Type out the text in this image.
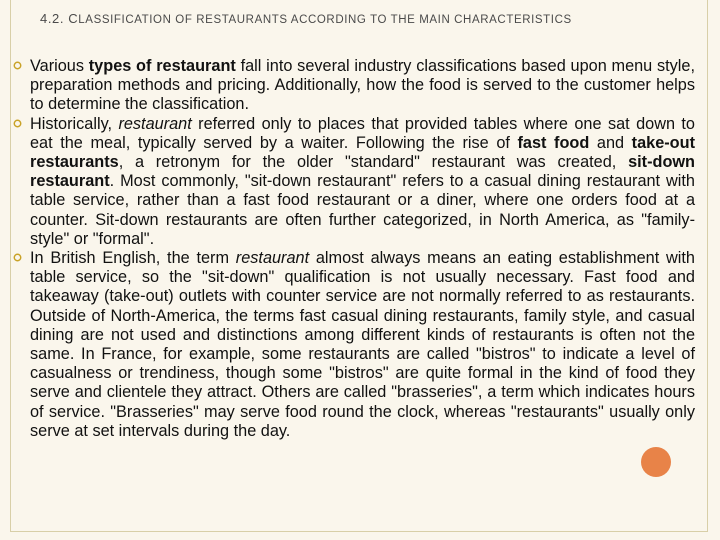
4.2. CLASSIFICATION OF RESTAURANTS ACCORDING TO THE MAIN CHARACTERISTICS
Various types of restaurant fall into several industry classifications based upon menu style, preparation methods and pricing. Additionally, how the food is served to the customer helps to determine the classification.
Historically, restaurant referred only to places that provided tables where one sat down to eat the meal, typically served by a waiter. Following the rise of fast food and take-out restaurants, a retronym for the older "standard" restaurant was created, sit-down restaurant. Most commonly, "sit-down restaurant" refers to a casual dining restaurant with table service, rather than a fast food restaurant or a diner, where one orders food at a counter. Sit-down restaurants are often further categorized, in North America, as "family-style" or "formal".
In British English, the term restaurant almost always means an eating establishment with table service, so the "sit-down" qualification is not usually necessary. Fast food and takeaway (take-out) outlets with counter service are not normally referred to as restaurants. Outside of North-America, the terms fast casual dining restaurants, family style, and casual dining are not used and distinctions among different kinds of restaurants is often not the same. In France, for example, some restaurants are called "bistros" to indicate a level of casualness or trendiness, though some "bistros" are quite formal in the kind of food they serve and clientele they attract. Others are called "brasseries", a term which indicates hours of service. "Brasseries" may serve food round the clock, whereas "restaurants" usually only serve at set intervals during the day.
